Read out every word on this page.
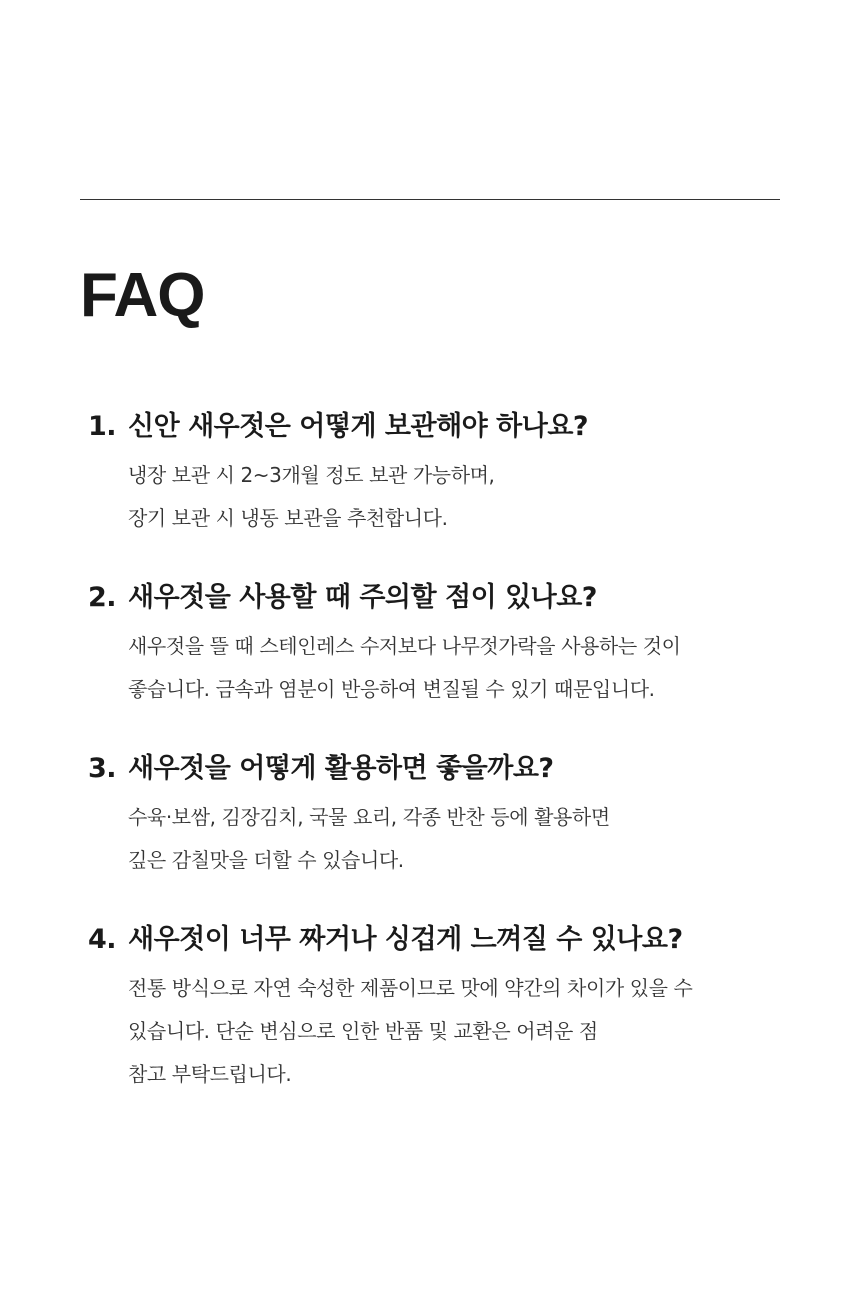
FAQ
1. 신안 새우젓은 어떻게 보관해야 하나요?
냉장 보관 시 2~3개월 정도 보관 가능하며,
장기 보관 시 냉동 보관을 추천합니다.
2. 새우젓을 사용할 때 주의할 점이 있나요?
새우젓을 뜰 때 스테인레스 수저보다 나무젓가락을 사용하는 것이
좋습니다. 금속과 염분이 반응하여 변질될 수 있기 때문입니다.
3. 새우젓을 어떻게 활용하면 좋을까요?
수육·보쌈, 김장김치, 국물 요리, 각종 반찬 등에 활용하면
깊은 감칠맛을 더할 수 있습니다.
4. 새우젓이 너무 짜거나 싱겁게 느껴질 수 있나요?
전통 방식으로 자연 숙성한 제품이므로 맛에 약간의 차이가 있을 수
있습니다. 단순 변심으로 인한 반품 및 교환은 어려운 점
참고 부탁드립니다.
